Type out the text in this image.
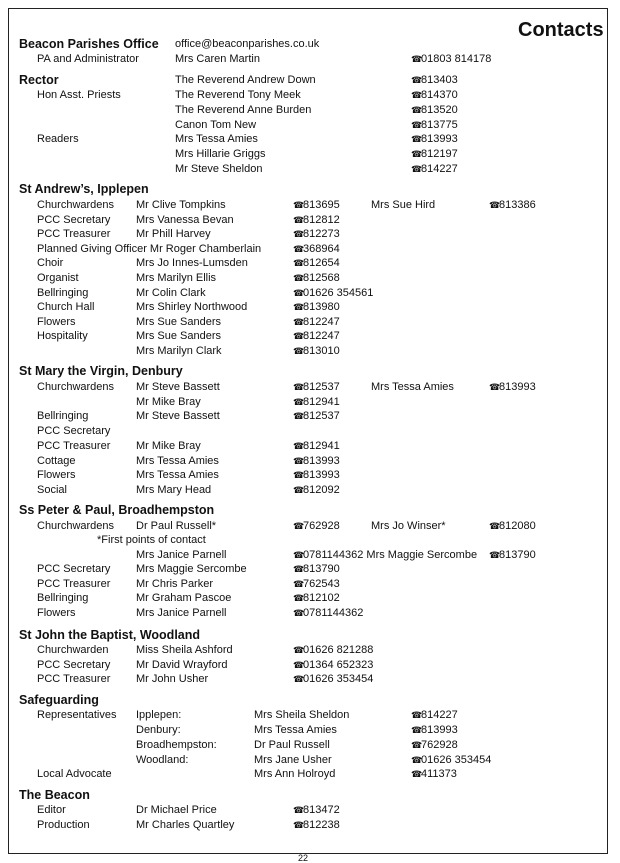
Contacts
Beacon Parishes Office office@beaconparishes.co.uk
PA and Administrator	Mrs Caren Martin	☎01803 814178
Rector	The Reverend Andrew Down	☎813403
Hon Asst. Priests	The Reverend Tony Meek	☎814370
The Reverend Anne Burden	☎813520
Canon Tom New	☎813775
Readers	Mrs Tessa Amies	☎813993
Mrs Hillarie Griggs	☎812197
Mr Steve Sheldon	☎814227
St Andrew’s, Ipplepen
Churchwardens Mr Clive Tompkins	☎813695	Mrs Sue Hird	☎813386
PCC Secretary Mrs Vanessa Bevan	☎812812
PCC Treasurer Mr Phill Harvey	☎812273
Planned Giving Officer Mr Roger Chamberlain	☎368964
Choir	Mrs Jo Innes-Lumsden	☎812654
Organist	Mrs Marilyn Ellis	☎812568
Bellringing	Mr Colin Clark	☎01626 354561
Church Hall	Mrs Shirley Northwood	☎813980
Flowers	Mrs Sue Sanders	☎812247
Hospitality	Mrs Sue Sanders	☎812247
Mrs Marilyn Clark	☎813010
St Mary the Virgin, Denbury
Churchwardens Mr Steve Bassett	☎812537	Mrs Tessa Amies	☎813993
Mr Mike Bray	☎812941
Bellringing	Mr Steve Bassett	☎812537
PCC Secretary
PCC Treasurer Mr Mike Bray	☎812941
Cottage	Mrs Tessa Amies	☎813993
Flowers	Mrs Tessa Amies	☎813993
Social	Mrs Mary Head	☎812092
Ss Peter & Paul, Broadhempston
Churchwardens Dr Paul Russell*	☎762928	Mrs Jo Winser*	☎812080
*First points of contact
Mrs Janice Parnell	☎0781144362 Mrs Maggie Sercombe ☎813790
PCC Secretary Mrs Maggie Sercombe	☎813790
PCC Treasurer Mr Chris Parker	☎762543
Bellringing	Mr Graham Pascoe	☎812102
Flowers	Mrs Janice Parnell	☎0781144362
St John the Baptist, Woodland
Churchwarden Miss Sheila Ashford	☎01626 821288
PCC Secretary Mr David Wrayford	☎01364 652323
PCC Treasurer Mr John Usher	☎01626 353454
Safeguarding
Representatives Ipplepen:	Mrs Sheila Sheldon	☎814227
Denbury:	Mrs Tessa Amies	☎813993
Broadhempston:	Dr Paul Russell	☎762928
Woodland:	Mrs Jane Usher	☎01626 353454
Local Advocate	Mrs Ann Holroyd	☎411373
The Beacon
Editor	Dr Michael Price	☎813472
Production	Mr Charles Quartley	☎812238
22
